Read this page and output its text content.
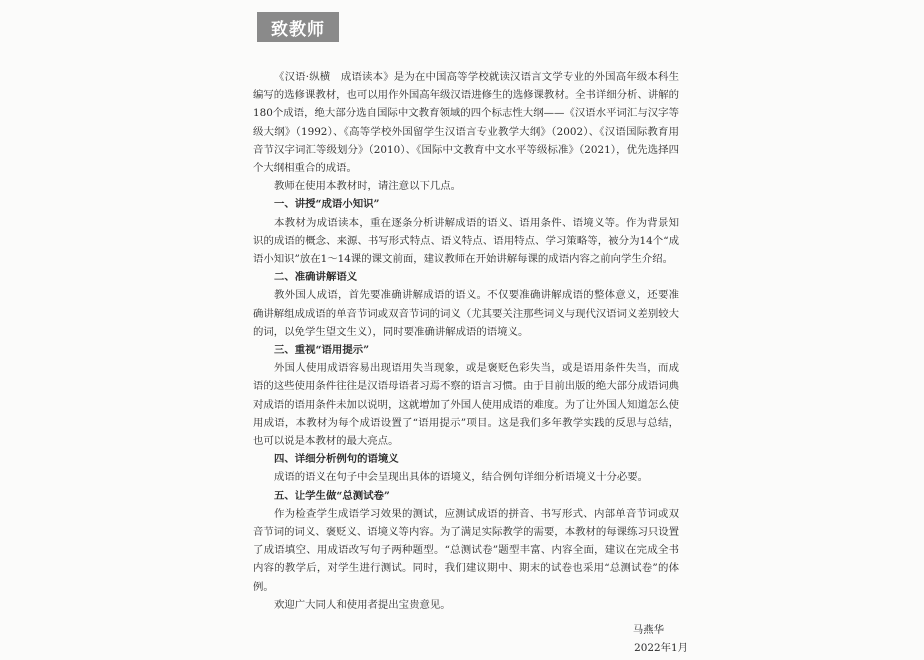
致教师

《汉语·纵横　成语读本》是为在中国高等学校就读汉语言文学专业的外国高年级本科生编写的选修课教材，也可以用作外国高年级汉语进修生的选修课教材。全书详细分析、讲解的180个成语，绝大部分选自国际中文教育领域的四个标志性大纲——《汉语水平词汇与汉字等级大纲》（1992）、《高等学校外国留学生汉语言专业教学大纲》（2002）、《汉语国际教育用音节汉字词汇等级划分》（2010）、《国际中文教育中文水平等级标准》（2021），优先选择四个大纲相重合的成语。

教师在使用本教材时，请注意以下几点。

一、讲授“成语小知识”

本教材为成语读本，重在逐条分析讲解成语的语义、语用条件、语境义等。作为背景知识的成语的概念、来源、书写形式特点、语义特点、语用特点、学习策略等，被分为14个“成语小知识”放在1～14课的课文前面，建议教师在开始讲解每课的成语内容之前向学生介绍。

二、准确讲解语义

教外国人成语，首先要准确讲解成语的语义。不仅要准确讲解成语的整体意义，还要准确讲解组成成语的单音节词或双音节词的词义（尤其要关注那些词义与现代汉语词义差别较大的词，以免学生望文生义），同时要准确讲解成语的语境义。

三、重视“语用提示”

外国人使用成语容易出现语用失当现象，或是褒贬色彩失当，或是语用条件失当，而成语的这些使用条件往往是汉语母语者习焉不察的语言习惯。由于目前出版的绝大部分成语词典对成语的语用条件未加以说明，这就增加了外国人使用成语的难度。为了让外国人知道怎么使用成语，本教材为每个成语设置了“语用提示”项目。这是我们多年教学实践的反思与总结，也可以说是本教材的最大亮点。

四、详细分析例句的语境义

成语的语义在句子中会呈现出具体的语境义，结合例句详细分析语境义十分必要。

五、让学生做“总测试卷”

作为检查学生成语学习效果的测试，应测试成语的拼音、书写形式、内部单音节词或双音节词的词义、褒贬义、语境义等内容。为了满足实际教学的需要，本教材的每课练习只设置了成语填空、用成语改写句子两种题型。“总测试卷”题型丰富、内容全面，建议在完成全书内容的教学后，对学生进行测试。同时，我们建议期中、期末的试卷也采用“总测试卷”的体例。

欢迎广大同人和使用者提出宝贵意见。

马燕华
2022年1月
